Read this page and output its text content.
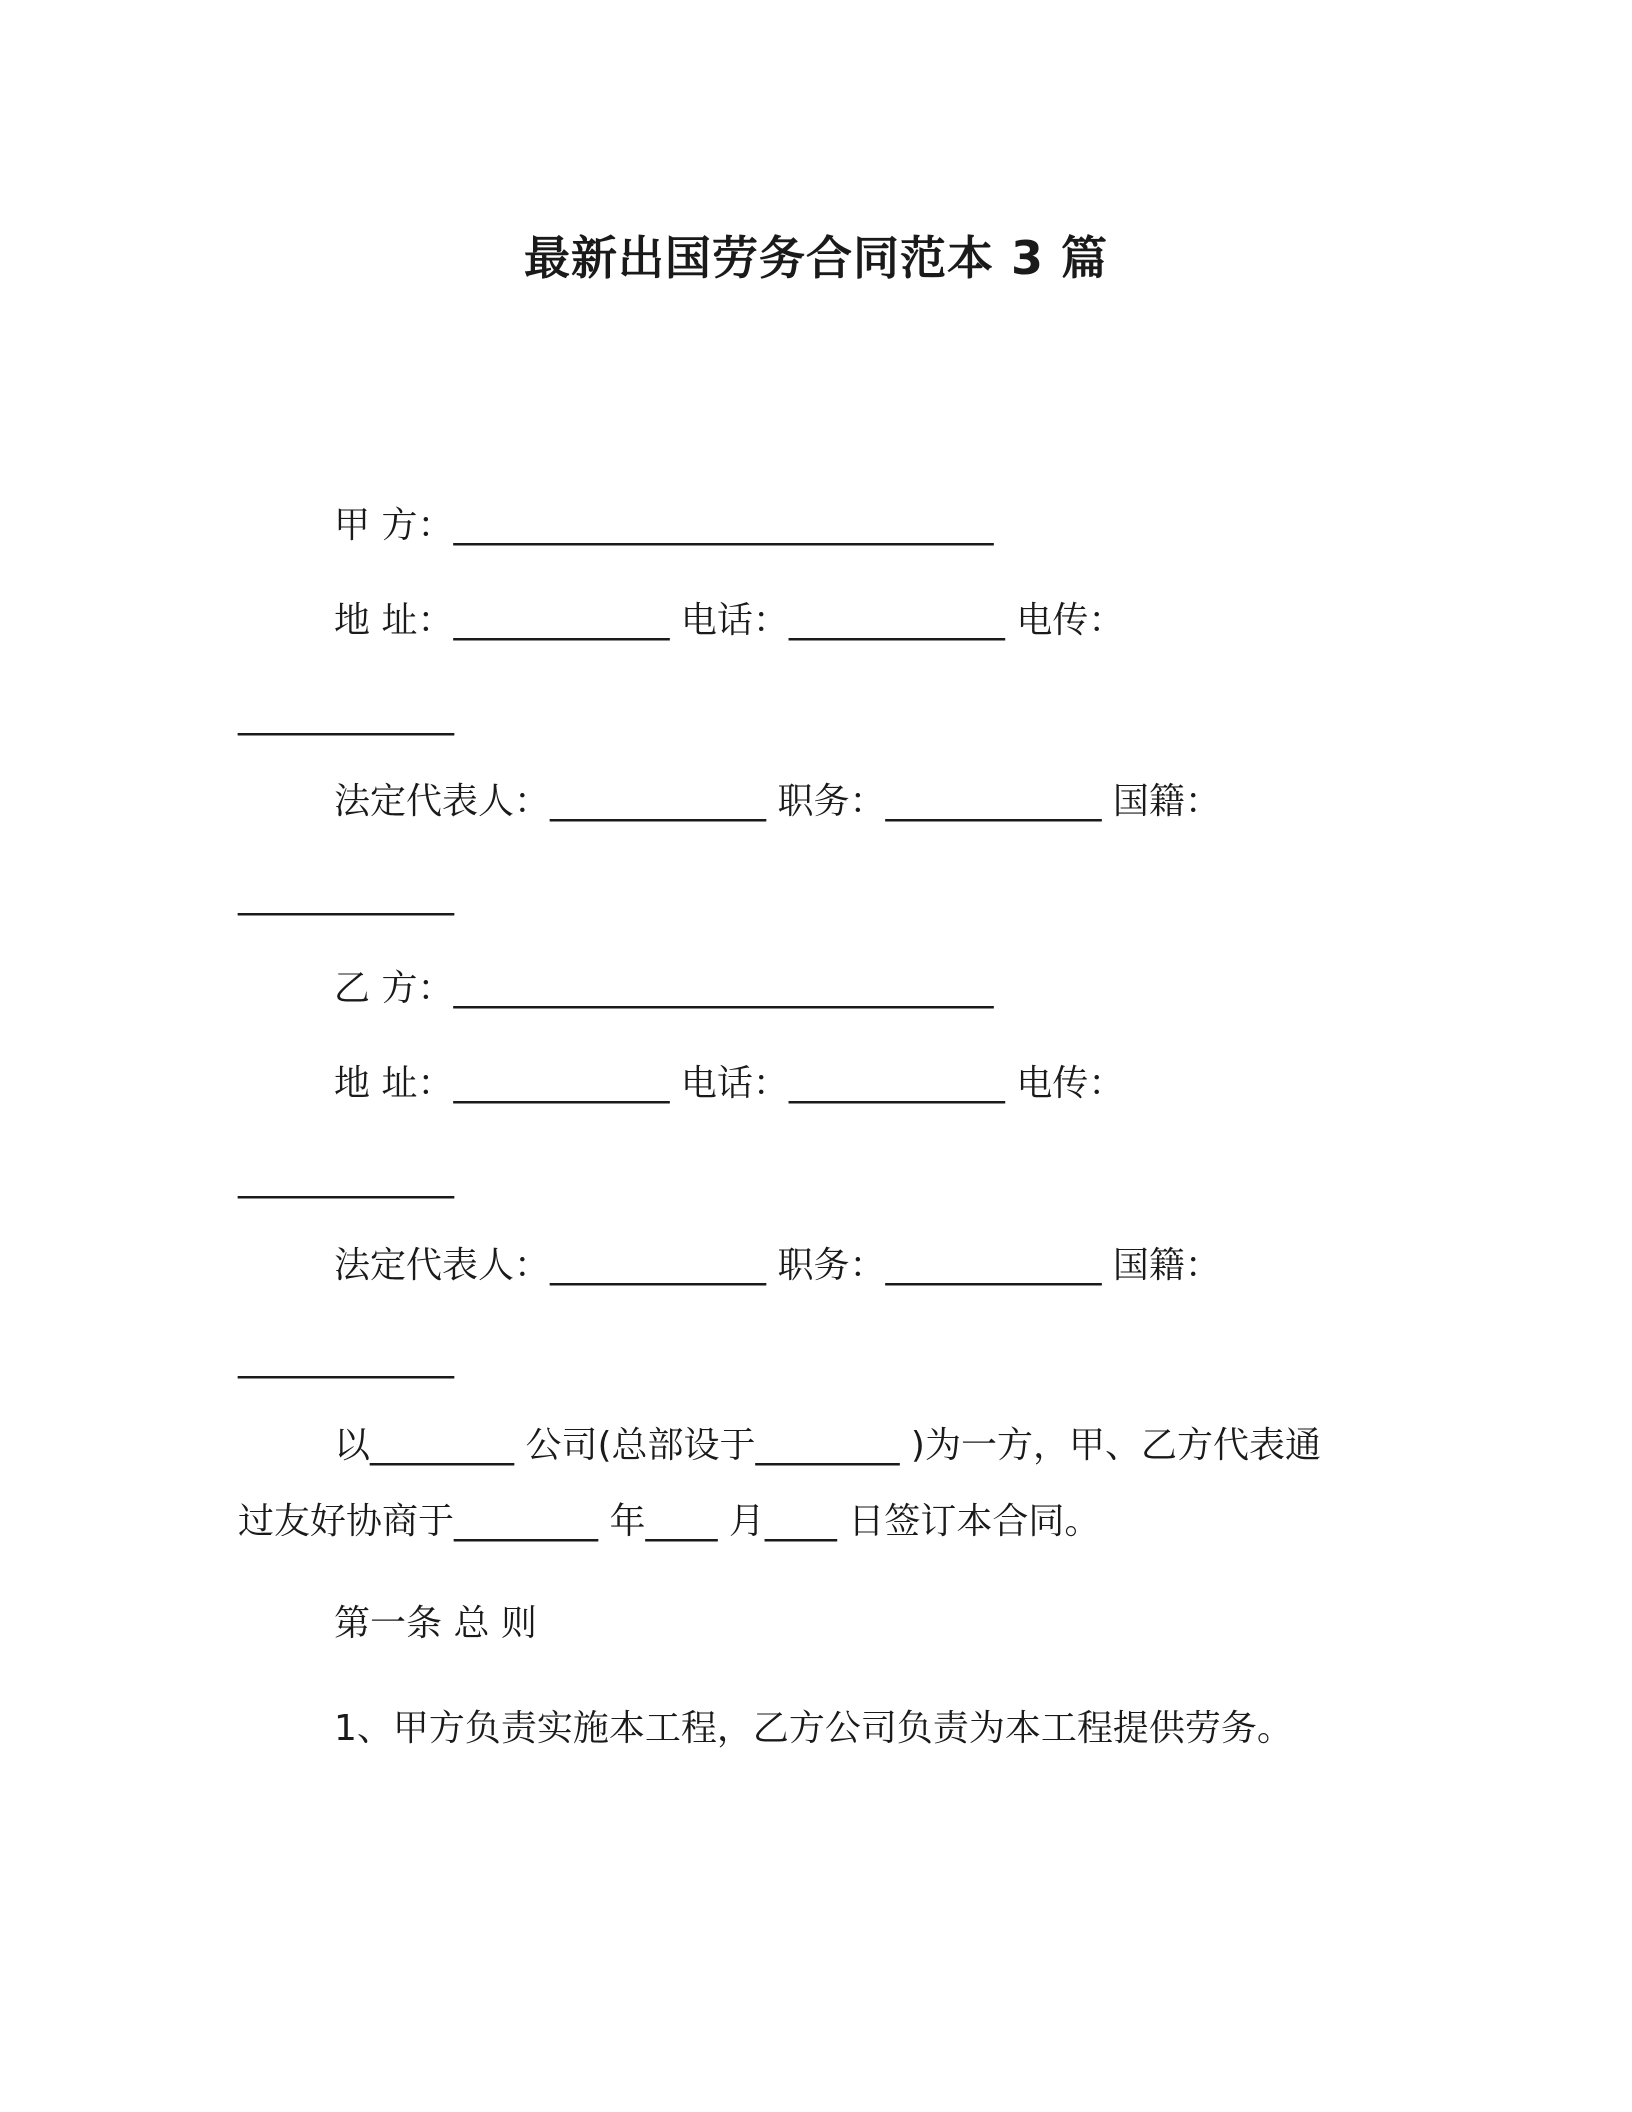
最新出国劳务合同范本 3 篇

甲 方：______________________________

地 址：____________ 电话：____________ 电传：

____________

法定代表人：____________ 职务：____________ 国籍：

____________

乙 方：______________________________

地 址：____________ 电话：____________ 电传：

____________

法定代表人：____________ 职务：____________ 国籍：

____________

以________ 公司(总部设于________ )为一方，甲、乙方代表通

过友好协商于________ 年____ 月____ 日签订本合同。

第一条 总 则

1、甲方负责实施本工程，乙方公司负责为本工程提供劳务。
